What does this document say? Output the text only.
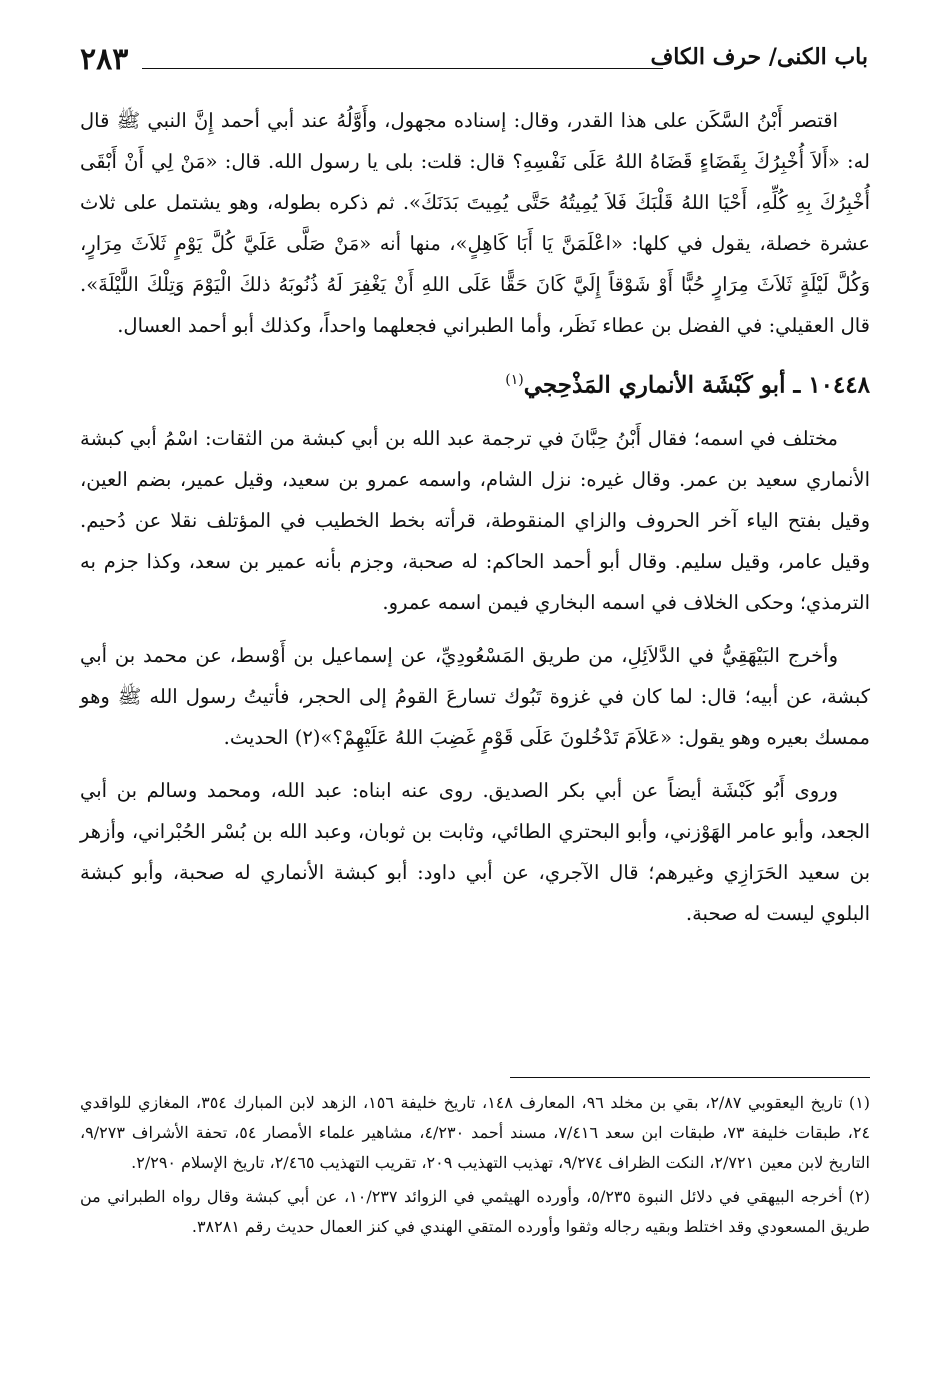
٢٨٣	باب الكنى/ حرف الكاف

اقتصر أَبْنُ السَّكَن على هذا القدر، وقال: إسناده مجهول، وأَوَّلُهُ عند أبي أحمد إِنَّ النبي ﷺ قال له: «أَلاَ أُخْبِرُكَ بِقَضَاءٍ قَضَاهُ اللهُ عَلَى نَفْسِهِ؟ قال: قلت: بلى يا رسول الله. قال: «مَنْ لِي أَنْ أَبْقَى أُخْبِرُكَ بِهِ كُلِّهِ، أَحْيَا اللهُ قَلْبَكَ فَلاَ يُمِيتُهُ حَتَّى يُمِيتَ بَدَنَكَ». ثم ذكره بطوله، وهو يشتمل على ثلاث عشرة خصلة، يقول في كلها: «اعْلَمَنَّ يَا أَبَا كَاهِلٍ»، منها أنه «مَنْ صَلَّى عَلَيَّ كُلَّ يَوْمٍ ثَلاَثَ مِرَارٍ، وَكُلَّ لَيْلَةٍ ثَلاَثَ مِرَارٍ حُبًّا أَوْ شَوْقاً إِلَيَّ كَانَ حَقًّا عَلَى اللهِ أَنْ يَغْفِرَ لَهُ ذُنُوبَهُ ذلكَ الْيَوْمَ وَتِلْكَ اللَّيْلَةَ». قال العقيلي: في الفضل بن عطاء نَظَر، وأما الطبراني فجعلهما واحداً، وكذلك أبو أحمد العسال.

١٠٤٤٨ ـ أبو كَبْشَة الأنماري المَذْحِجي$^{(١)}$

مختلف في اسمه؛ فقال أَبْنُ حِبَّانَ في ترجمة عبد الله بن أبي كبشة من الثقات: اسْمُ أبي كبشة الأنماري سعيد بن عمر. وقال غيره: نزل الشام، واسمه عمرو بن سعيد، وقيل عمير، بضم العين، وقيل بفتح الياء آخر الحروف والزاي المنقوطة، قرأته بخط الخطيب في المؤتلف نقلا عن دُحيم. وقيل عامر، وقيل سليم. وقال أبو أحمد الحاكم: له صحبة، وجزم بأنه عمير بن سعد، وكذا جزم به الترمذي؛ وحكى الخلاف في اسمه البخاري فيمن اسمه عمرو.

وأخرج البَيْهَقِيُّ في الدَّلاَئِلِ، من طريق المَسْعُودِيِّ، عن إسماعيل بن أَوْسط، عن محمد بن أبي كبشة، عن أبيه؛ قال: لما كان في غزوة تَبُوك تسارعَ القومُ إلى الحجر، فأتيتُ رسول الله ﷺ وهو ممسك بعيره وهو يقول: «عَلاَمَ تَدْخُلونَ عَلَى قَوْمٍ غَضِبَ اللهُ عَلَيْهِمْ؟»(٢) الحديث.

وروى أَبُو كَبْشَة أيضاً عن أبي بكر الصديق. روى عنه ابناه: عبد الله، ومحمد وسالم بن أبي الجعد، وأبو عامر الهَوْزني، وأبو البحتري الطائي، وثابت بن ثوبان، وعبد الله بن بُسْر الحُبْراني، وأزهر بن سعيد الحَرَازِي وغيرهم؛ قال الآجري، عن أبي داود: أبو كبشة الأنماري له صحبة، وأبو كبشة البلوي ليست له صحبة.

(١) تاريخ اليعقوبي ٢/٨٧، بقي بن مخلد ٩٦، المعارف ١٤٨، تاريخ خليفة ١٥٦، الزهد لابن المبارك ٣٥٤، المغازي للواقدي ٢٤، طبقات خليفة ٧٣، طبقات ابن سعد ٧/٤١٦، مسند أحمد ٤/٢٣٠، مشاهير علماء الأمصار ٥٤، تحفة الأشراف ٩/٢٧٣، التاريخ لابن معين ٢/٧٢١، النكت الظراف ٩/٢٧٤، تهذيب التهذيب ٢٠٩، تقريب التهذيب ٢/٤٦٥، تاريخ الإسلام ٢/٢٩٠.

(٢) أخرجه البيهقي في دلائل النبوة ٥/٢٣٥، وأورده الهيثمي في الزوائد ١٠/٢٣٧، عن أبي كبشة وقال رواه الطبراني من طريق المسعودي وقد اختلط وبقيه رجاله وثقوا وأورده المتقي الهندي في كنز العمال حديث رقم ٣٨٢٨١.
